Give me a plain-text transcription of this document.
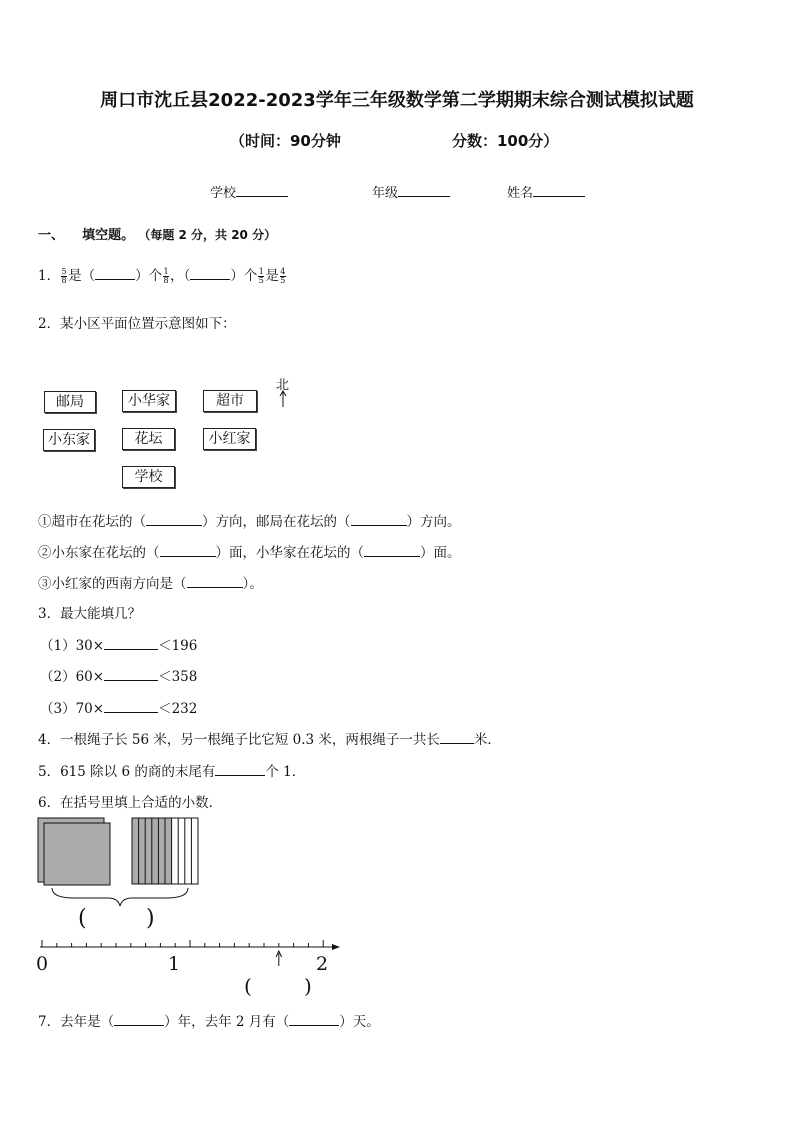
周口市沈丘县2022-2023学年三年级数学第二学期期末综合测试模拟试题
（时间：90分钟	分数：100分）
学校	年级	姓名
一、 填空题。 （每题 2 分，共 20 分）
1． $\frac{5}{8}$ 是（	）个 $\frac{1}{8}$ ，（	）个 $\frac{1}{5}$ 是 $\frac{4}{5}$
2．某小区平面位置示意图如下：
北
邮局	小华家	超市
小东家	花坛	小红家
学校
①超市在花坛的（	）方向，邮局在花坛的（	）方向。
②小东家在花坛的（	）面，小华家在花坛的（	）面。
③小红家的西南方向是（	）。
3．最大能填几？
（1）30×	＜196
（2）60×	＜358
（3）70×	＜232
4．一根绳子长 56 米，另一根绳子比它短 0.3 米，两根绳子一共长	米．
5．615 除以 6 的商的末尾有	个 1．
6．在括号里填上合适的小数．
(	)
(	)
0	1	2
7．去年是（	）年，去年 2 月有（	）天。
